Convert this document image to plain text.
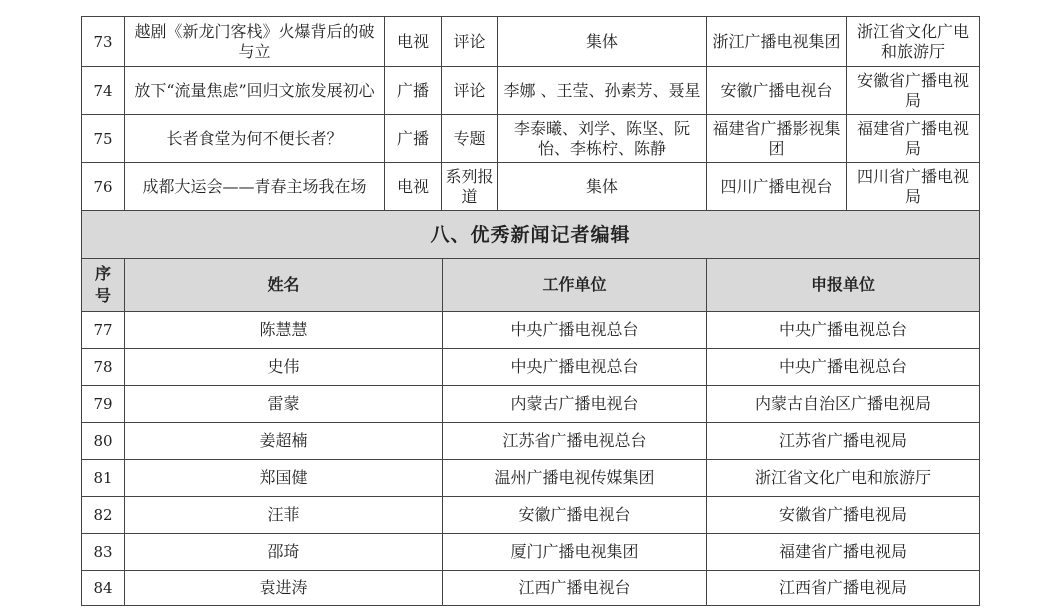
73	越剧《新龙门客栈》火爆背后的破与立	电视	评论	集体	浙江广播电视集团	浙江省文化广电和旅游厅
74	放下“流量焦虑”回归文旅发展初心	广播	评论	李娜 、王莹、孙素芳、聂星	安徽广播电视台	安徽省广播电视局
75	长者食堂为何不便长者？	广播	专题	李泰曦、刘学、陈坚、阮怡、李栋柠、陈静	福建省广播影视集团	福建省广播电视局
76	成都大运会——青春主场我在场	电视	系列报道	集体	四川广播电视台	四川省广播电视局
八、优秀新闻记者编辑						
序号	姓名	工作单位	申报单位
77	陈慧慧	中央广播电视总台	中央广播电视总台
78	史伟	中央广播电视总台	中央广播电视总台
79	雷蒙	内蒙古广播电视台	内蒙古自治区广播电视局
80	姜超楠	江苏省广播电视总台	江苏省广播电视局
81	郑国健	温州广播电视传媒集团	浙江省文化广电和旅游厅
82	汪菲	安徽广播电视台	安徽省广播电视局
83	邵琦	厦门广播电视集团	福建省广播电视局
84	袁进涛	江西广播电视台	江西省广播电视局
